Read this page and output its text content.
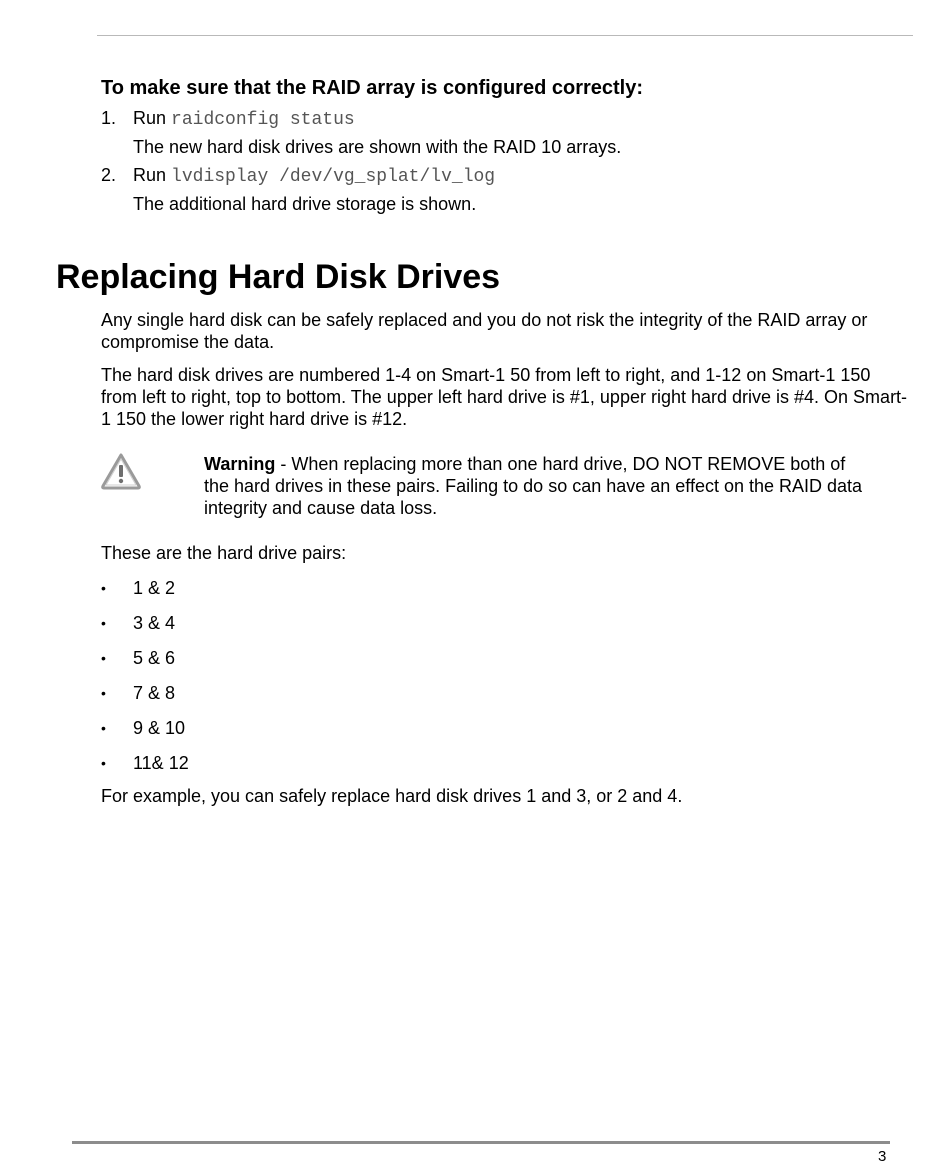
To make sure that the RAID array is configured correctly:
1. Run raidconfig status
The new hard disk drives are shown with the RAID 10 arrays.
2. Run lvdisplay /dev/vg_splat/lv_log
The additional hard drive storage is shown.
Replacing Hard Disk Drives

Any single hard disk can be safely replaced and you do not risk the integrity of the RAID array or compromise the data.

The hard disk drives are numbered 1-4 on Smart-1 50 from left to right, and 1-12 on Smart-1 150 from left to right, top to bottom. The upper left hard drive is #1, upper right hard drive is #4. On Smart-1 150 the lower right hard drive is #12.

Warning - When replacing more than one hard drive, DO NOT REMOVE both of the hard drives in these pairs. Failing to do so can have an effect on the RAID data integrity and cause data loss.

These are the hard drive pairs:

• 1 & 2
• 3 & 4
• 5 & 6
• 7 & 8
• 9 & 10
• 11& 12

For example, you can safely replace hard disk drives 1 and 3, or 2 and 4.

3
